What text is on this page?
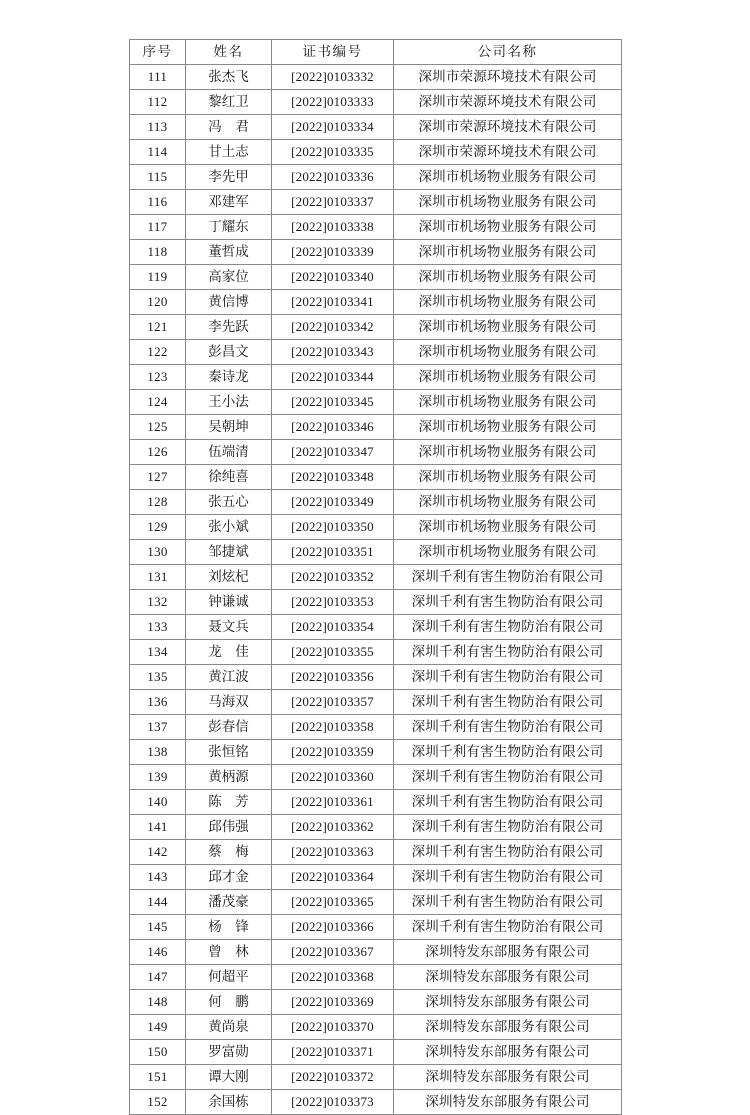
序号	姓名	证书编号	公司名称
111	张杰飞	[2022]0103332	深圳市荣源环境技术有限公司
112	黎红卫	[2022]0103333	深圳市荣源环境技术有限公司
113	冯　君	[2022]0103334	深圳市荣源环境技术有限公司
114	甘土志	[2022]0103335	深圳市荣源环境技术有限公司
115	李先甲	[2022]0103336	深圳市机场物业服务有限公司
116	邓建军	[2022]0103337	深圳市机场物业服务有限公司
117	丁耀东	[2022]0103338	深圳市机场物业服务有限公司
118	董哲成	[2022]0103339	深圳市机场物业服务有限公司
119	高家位	[2022]0103340	深圳市机场物业服务有限公司
120	黄信博	[2022]0103341	深圳市机场物业服务有限公司
121	李先跃	[2022]0103342	深圳市机场物业服务有限公司
122	彭昌文	[2022]0103343	深圳市机场物业服务有限公司
123	秦诗龙	[2022]0103344	深圳市机场物业服务有限公司
124	王小法	[2022]0103345	深圳市机场物业服务有限公司
125	吴朝坤	[2022]0103346	深圳市机场物业服务有限公司
126	伍端清	[2022]0103347	深圳市机场物业服务有限公司
127	徐纯喜	[2022]0103348	深圳市机场物业服务有限公司
128	张五心	[2022]0103349	深圳市机场物业服务有限公司
129	张小斌	[2022]0103350	深圳市机场物业服务有限公司
130	邹捷斌	[2022]0103351	深圳市机场物业服务有限公司
131	刘炫杞	[2022]0103352	深圳千利有害生物防治有限公司
132	钟谦诚	[2022]0103353	深圳千利有害生物防治有限公司
133	聂文兵	[2022]0103354	深圳千利有害生物防治有限公司
134	龙　佳	[2022]0103355	深圳千利有害生物防治有限公司
135	黄江波	[2022]0103356	深圳千利有害生物防治有限公司
136	马海双	[2022]0103357	深圳千利有害生物防治有限公司
137	彭春信	[2022]0103358	深圳千利有害生物防治有限公司
138	张恒铭	[2022]0103359	深圳千利有害生物防治有限公司
139	黄柄源	[2022]0103360	深圳千利有害生物防治有限公司
140	陈　芳	[2022]0103361	深圳千利有害生物防治有限公司
141	邱伟强	[2022]0103362	深圳千利有害生物防治有限公司
142	蔡　梅	[2022]0103363	深圳千利有害生物防治有限公司
143	邱才金	[2022]0103364	深圳千利有害生物防治有限公司
144	潘茂豪	[2022]0103365	深圳千利有害生物防治有限公司
145	杨　锋	[2022]0103366	深圳千利有害生物防治有限公司
146	曾　林	[2022]0103367	深圳特发东部服务有限公司
147	何超平	[2022]0103368	深圳特发东部服务有限公司
148	何　鹏	[2022]0103369	深圳特发东部服务有限公司
149	黄尚泉	[2022]0103370	深圳特发东部服务有限公司
150	罗富勋	[2022]0103371	深圳特发东部服务有限公司
151	谭大刚	[2022]0103372	深圳特发东部服务有限公司
152	余国栋	[2022]0103373	深圳特发东部服务有限公司
